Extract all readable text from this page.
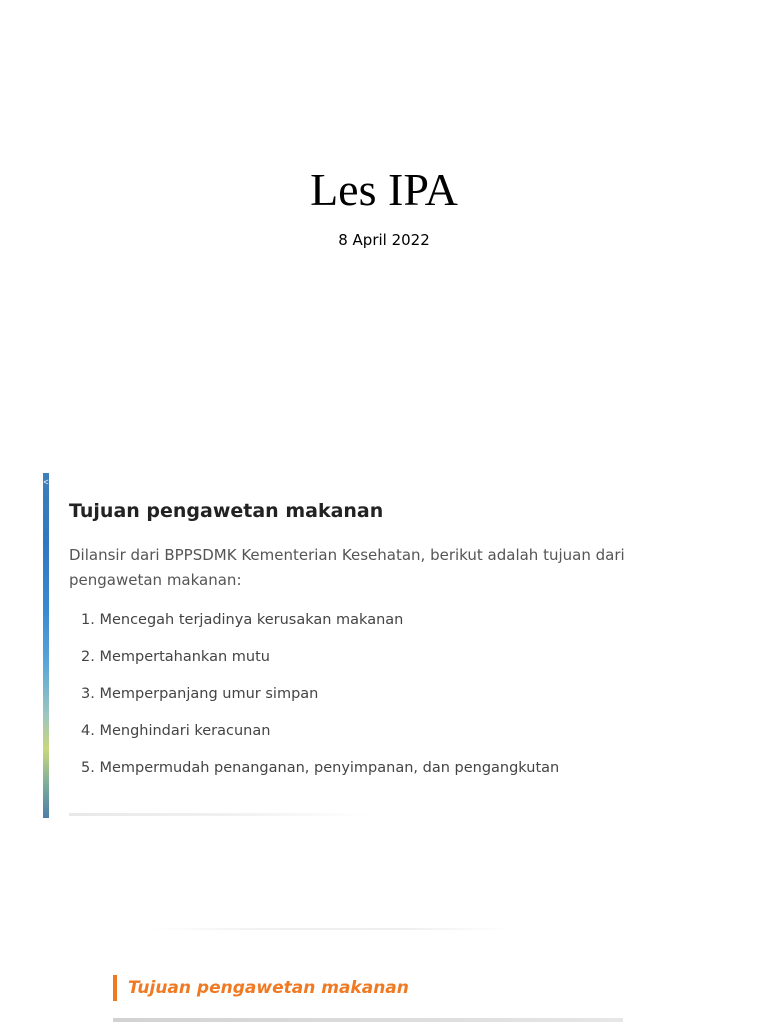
Les IPA
8 April 2022
<
Tujuan pengawetan makanan
Dilansir dari BPPSDMK Kementerian Kesehatan, berikut adalah tujuan dari pengawetan makanan:
1. Mencegah terjadinya kerusakan makanan
2. Mempertahankan mutu
3. Memperpanjang umur simpan
4. Menghindari keracunan
5. Mempermudah penanganan, penyimpanan, dan pengangkutan
Tujuan pengawetan makanan
